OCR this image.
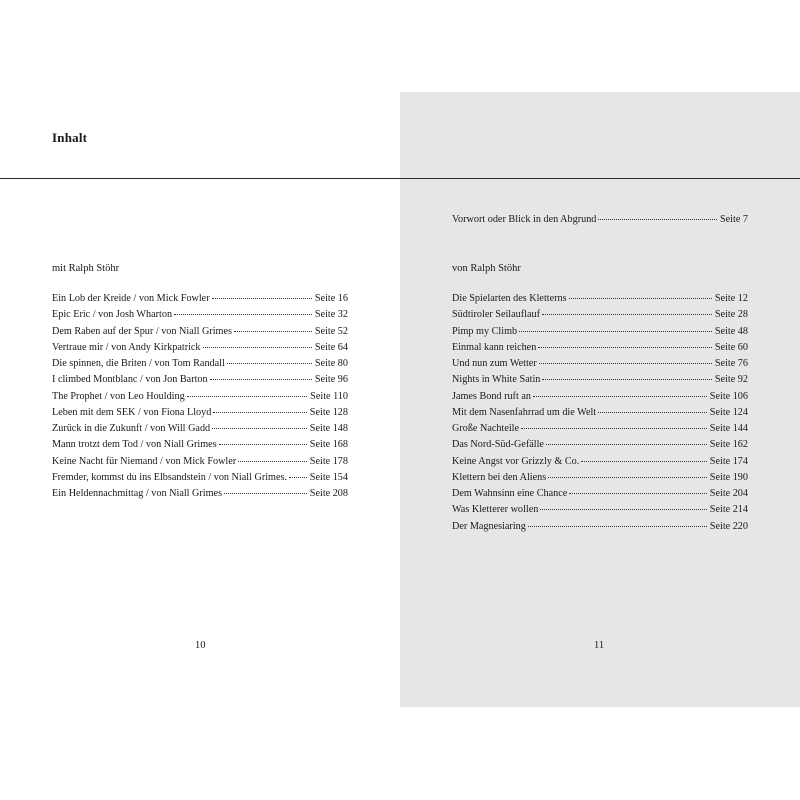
Inhalt
mit Ralph Stöhr
Ein Lob der Kreide / von Mick Fowler	Seite 16
Epic Eric / von Josh Wharton	Seite 32
Dem Raben auf der Spur / von Niall Grimes	Seite 52
Vertraue mir / von Andy Kirkpatrick	Seite 64
Die spinnen, die Briten / von Tom Randall	Seite 80
I climbed Montblanc / von Jon Barton	Seite 96
The Prophet / von Leo Houlding	Seite 110
Leben mit dem SEK / von Fiona Lloyd	Seite 128
Zurück in die Zukunft / von Will Gadd	Seite 148
Mann trotzt dem Tod / von Niall Grimes	Seite 168
Keine Nacht für Niemand / von Mick Fowler	Seite 178
Fremder, kommst du ins Elbsandstein / von Niall Grimes. Seite 154
Ein Heldennachmittag / von Niall Grimes	Seite 208
10
Vorwort oder Blick in den Abgrund	Seite 7
von Ralph Stöhr
Die Spielarten des Kletterns	Seite 12
Südtiroler Seilauflauf	Seite 28
Pimp my Climb	Seite 48
Einmal kann reichen	Seite 60
Und nun zum Wetter	Seite 76
Nights in White Satin	Seite 92
James Bond ruft an	Seite 106
Mit dem Nasenfahrrad um die Welt	Seite 124
Große Nachteile	Seite 144
Das Nord-Süd-Gefälle	Seite 162
Keine Angst vor Grizzly & Co.	Seite 174
Klettern bei den Aliens	Seite 190
Dem Wahnsinn eine Chance	Seite 204
Was Kletterer wollen	Seite 214
Der Magnesiaring	Seite 220
11
